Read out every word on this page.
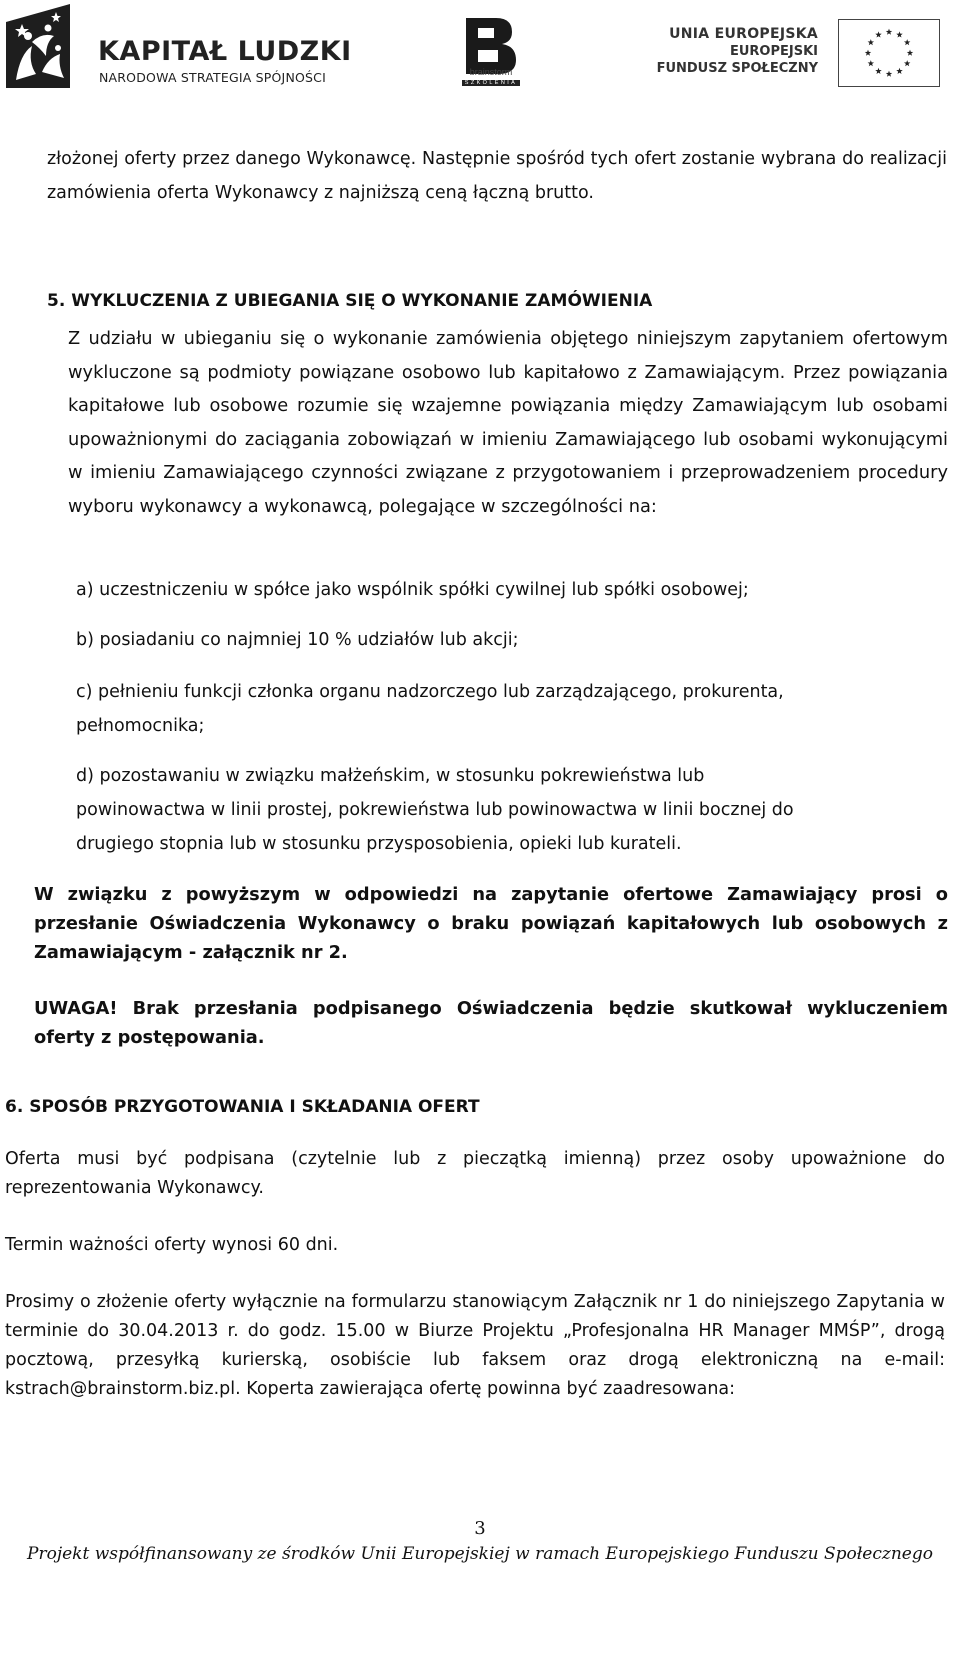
KAPITAŁ LUDZKI
NARODOWA STRATEGIA SPÓJNOŚCI	brainstorm
SZKOLENIA
UNIA EUROPEJSKA
EUROPEJSKI
FUNDUSZ SPOŁECZNY
złożonej oferty przez danego Wykonawcę. Następnie spośród tych ofert zostanie wybrana do realizacji zamówienia oferta Wykonawcy z najniższą ceną łączną brutto.
5. WYKLUCZENIA Z UBIEGANIA SIĘ O WYKONANIE ZAMÓWIENIA
Z udziału w ubieganiu się o wykonanie zamówienia objętego niniejszym zapytaniem ofertowym wykluczone są podmioty powiązane osobowo lub kapitałowo z Zamawiającym. Przez powiązania kapitałowe lub osobowe rozumie się wzajemne powiązania między Zamawiającym lub osobami upoważnionymi do zaciągania zobowiązań w imieniu Zamawiającego lub osobami wykonującymi w imieniu Zamawiającego czynności związane z przygotowaniem i przeprowadzeniem procedury wyboru wykonawcy a wykonawcą, polegające w szczególności na:
a) uczestniczeniu w spółce jako wspólnik spółki cywilnej lub spółki osobowej;
b) posiadaniu co najmniej 10 % udziałów lub akcji;
c) pełnieniu funkcji członka organu nadzorczego lub zarządzającego, prokurenta,
pełnomocnika;
d) pozostawaniu w związku małżeńskim, w stosunku pokrewieństwa lub
powinowactwa w linii prostej, pokrewieństwa lub powinowactwa w linii bocznej do
drugiego stopnia lub w stosunku przysposobienia, opieki lub kurateli.
W związku z powyższym w odpowiedzi na zapytanie ofertowe Zamawiający prosi o przesłanie Oświadczenia Wykonawcy o braku powiązań kapitałowych lub osobowych z Zamawiającym - załącznik nr 2.
UWAGA! Brak przesłania podpisanego Oświadczenia będzie skutkował wykluczeniem oferty z postępowania.
6. SPOSÓB PRZYGOTOWANIA I SKŁADANIA OFERT
Oferta musi być podpisana (czytelnie lub z pieczątką imienną) przez osoby upoważnione do reprezentowania Wykonawcy.
Termin ważności oferty wynosi 60 dni.
Prosimy o złożenie oferty wyłącznie na formularzu stanowiącym Załącznik nr 1 do niniejszego Zapytania w terminie do 30.04.2013 r. do godz. 15.00 w Biurze Projektu „Profesjonalna HR Manager MMŚP”, drogą pocztową, przesyłką kurierską, osobiście lub faksem oraz drogą elektroniczną na e-mail: kstrach@brainstorm.biz.pl. Koperta zawierająca ofertę powinna być zaadresowana:
3
Projekt współfinansowany ze środków Unii Europejskiej w ramach Europejskiego Funduszu Społecznego
